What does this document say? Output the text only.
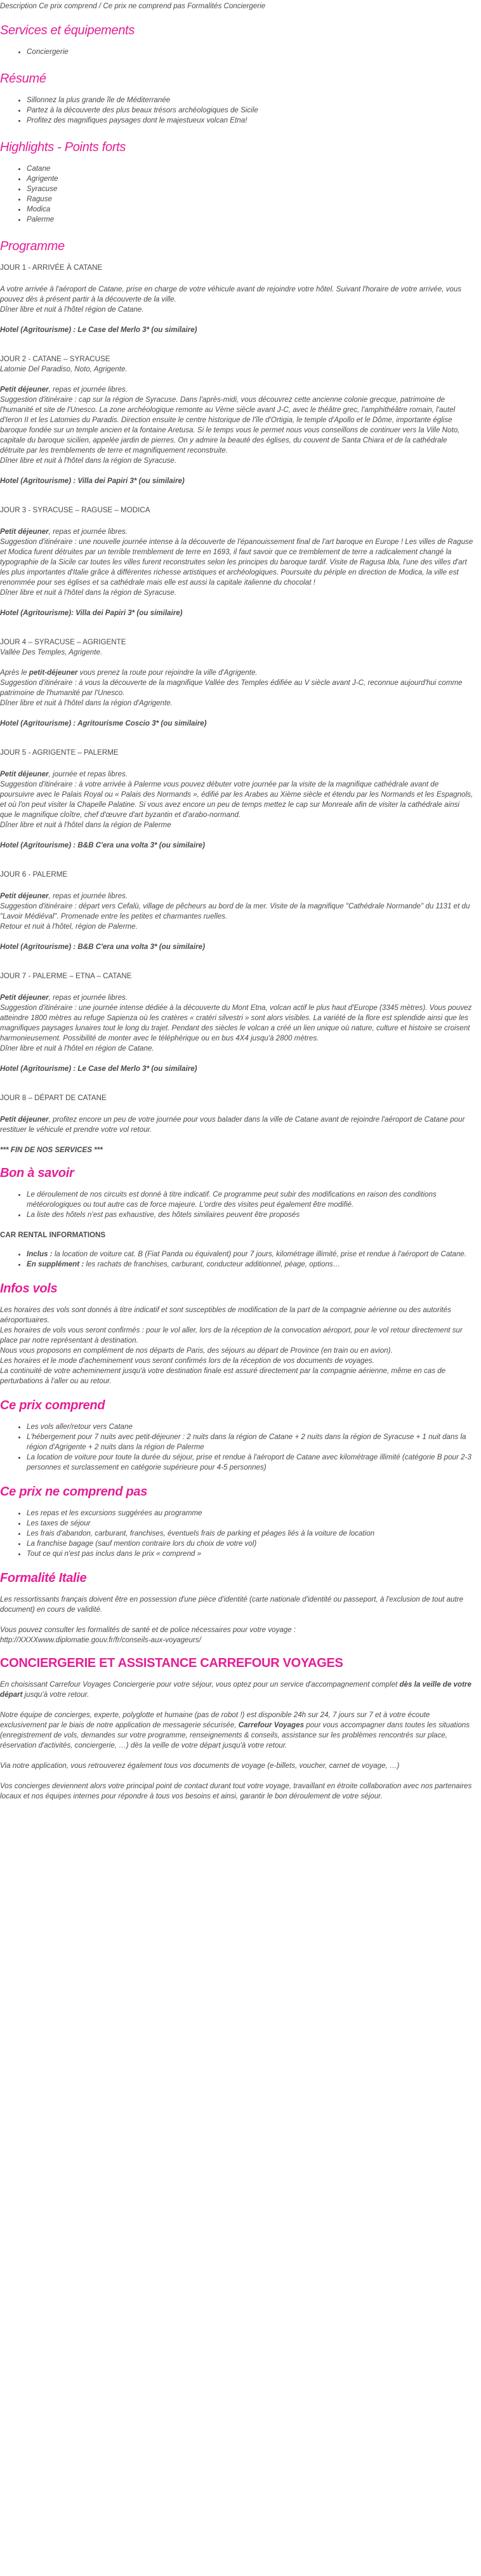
Description Ce prix comprend / Ce prix ne comprend pas Formalités Conciergerie
Services et équipements
• Conciergerie
Résumé
• Sillonnez la plus grande île de Méditerranée
• Partez à la découverte des plus beaux trésors archéologiques de Sicile
• Profitez des magnifiques paysages dont le majestueux volcan Etna!
Highlights - Points forts
• Catane
• Agrigente
• Syracuse
• Raguse
• Modica
• Palerme
Programme
JOUR 1 - ARRIVÉE À CATANE

A votre arrivée à l'aéroport de Catane, prise en charge de votre véhicule avant de rejoindre votre hôtel. Suivant l'horaire de votre arrivée, vous pouvez dès à présent partir à la découverte de la ville.

Dîner libre et nuit à l'hôtel région de Catane.

Hotel (Agritourisme) : Le Case del Merlo 3* (ou similaire)

JOUR 2 - CATANE – SYRACUSE

Latomie Del Paradiso, Noto, Agrigente.

Petit déjeuner, repas et journée libres.
Suggestion d'itinéraire : cap sur la région de Syracuse. Dans l'après-midi, vous découvrez cette ancienne colonie grecque, patrimoine de l'humanité et site de l'Unesco. La zone archéologique remonte au Vème siècle avant J-C, avec le théâtre grec, l'amphithéâtre romain, l'autel d'Ieron II et les Latomies du Paradis. Direction ensuite le centre historique de l'île d'Ortigia, le temple d'Apollo et le Dôme, importante église baroque fondée sur un temple ancien et la fontaine Aretusa. Si le temps vous le permet nous vous conseillons de continuer vers la Ville Noto, capitale du baroque sicilien, appelée jardin de pierres. On y admire la beauté des églises, du couvent de Santa Chiara et de la cathédrale détruite par les tremblements de terre et magnifiquement reconstruite.

Dîner libre et nuit à l'hôtel dans la région de Syracuse.

Hotel (Agritourisme) : Villa dei Papiri 3* (ou similaire)

JOUR 3 - SYRACUSE – RAGUSE – MODICA
Petit déjeuner, repas et journée libres.
Suggestion d'itinéraire : une nouvelle journée intense à la découverte de l'épanouissement final de l'art baroque en Europe ! Les villes de Raguse et Modica furent détruites par un terrible tremblement de terre en 1693, il faut savoir que ce tremblement de terre a radicalement changé la typographie de la Sicile car toutes les villes furent reconstruites selon les principes du baroque tardif. Visite de Ragusa Ibla, l'une des villes d'art les plus importantes d'Italie grâce à différentes richesse artistiques et archéologiques. Poursuite du périple en direction de Modica, la ville est renommée pour ses églises et sa cathédrale mais elle est aussi la capitale italienne du chocolat !

Dîner libre et nuit à l'hôtel dans la région de Syracuse.

Hotel (Agritourisme): Villa dei Papiri 3* (ou similaire)

JOUR 4 – SYRACUSE – AGRIGENTE

Vallée Des Temples, Agrigente.

Après le petit-déjeuner vous prenez la route pour rejoindre la ville d'Agrigente.
Suggestion d'itinéraire : à vous la découverte de la magnifique Vallée des Temples édifiée au V siècle avant J-C, reconnue aujourd'hui comme patrimoine de l'humanité par l'Unesco.

Dîner libre et nuit à l'hôtel dans la région d'Agrigente.

Hotel (Agritourisme) : Agritourisme Coscio 3* (ou similaire)

JOUR 5 - AGRIGENTE – PALERME
Petit déjeuner, journée et repas libres.
Suggestion d'itinéraire : à votre arrivée à Palerme vous pouvez débuter votre journée par la visite de la magnifique cathédrale avant de poursuivre avec le Palais Royal ou « Palais des Normands », édifié par les Arabes au Xième siècle et étendu par les Normands et les Espagnols, et où l'on peut visiter la Chapelle Palatine. Si vous avez encore un peu de temps mettez le cap sur Monreale afin de visiter la cathédrale ainsi que le magnifique cloître, chef d'œuvre d'art byzantin et d'arabo-normand.

Dîner libre et nuit à l'hôtel dans la région de Palerme

Hotel (Agritourisme) : B&B C'era una volta 3* (ou similaire)

JOUR 6 - PALERME
Petit déjeuner, repas et journée libres.
Suggestion d'itinéraire : départ vers Cefalù, village de pêcheurs au bord de la mer. Visite de la magnifique "Cathédrale Normande" du 1131 et du "Lavoir Médiéval". Promenade entre les petites et charmantes ruelles.

Retour et nuit à l'hôtel, région de Palerme.

Hotel (Agritourisme) : B&B C'era una volta 3* (ou similaire)

JOUR 7 - PALERME – ETNA – CATANE
Petit déjeuner, repas et journée libres.
Suggestion d'itinéraire : une journée intense dédiée à la découverte du Mont Etna, volcan actif le plus haut d'Europe (3345 mètres). Vous pouvez atteindre 1800 mètres au refuge Sapienza où les cratères « cratéri silvestri » sont alors visibles. La variété de la flore est splendide ainsi que les magnifiques paysages lunaires tout le long du trajet. Pendant des siècles le volcan a créé un lien unique où nature, culture et histoire se croisent harmonieusement. Possibilité de monter avec le téléphérique ou en bus 4X4 jusqu'à 2800 mètres.

Dîner libre et nuit à l'hôtel en région de Catane.

Hotel (Agritourisme) : Le Case del Merlo 3* (ou similaire)

JOUR 8 – DÉPART DE CATANE

Petit déjeuner, profitez encore un peu de votre journée pour vous balader dans la ville de Catane avant de rejoindre l'aéroport de Catane pour restituer le véhicule et prendre votre vol retour.

*** FIN DE NOS SERVICES ***

Bon à savoir
• Le déroulement de nos circuits est donné à titre indicatif. Ce programme peut subir des modifications en raison des conditions météorologiques ou tout autre cas de force majeure. L'ordre des visites peut également être modifié.
• La liste des hôtels n'est pas exhaustive, des hôtels similaires peuvent être proposés
CAR RENTAL INFORMATIONS
• Inclus : la location de voiture cat. B (Fiat Panda ou équivalent) pour 7 jours, kilométrage illimité, prise et rendue à l'aéroport de Catane.
• En supplément : les rachats de franchises, carburant, conducteur additionnel, péage, options…
Infos vols
Les horaires des vols sont donnés à titre indicatif et sont susceptibles de modification de la part de la compagnie aérienne ou des autorités aéroportuaires.
Les horaires de vols vous seront confirmés : pour le vol aller, lors de la réception de la convocation aéroport, pour le vol retour directement sur place par notre représentant à destination.
Nous vous proposons en complément de nos départs de Paris, des séjours au départ de Province (en train ou en avion).
Les horaires et le mode d'acheminement vous seront confirmés lors de la réception de vos documents de voyages.
La continuité de votre acheminement jusqu'à votre destination finale est assuré directement par la compagnie aérienne, même en cas de perturbations à l'aller ou au retour.
Ce prix comprend
• Les vols aller/retour vers Catane
• L'hébergement pour 7 nuits avec petit-déjeuner : 2 nuits dans la région de Catane + 2 nuits dans la région de Syracuse + 1 nuit dans la région d'Agrigente + 2 nuits dans la région de Palerme
• La location de voiture pour toute la durée du séjour, prise et rendue à l'aéroport de Catane avec kilométrage illimité (catégorie B pour 2-3 personnes et surclassement en catégorie supérieure pour 4-5 personnes)
Ce prix ne comprend pas
• Les repas et les excursions suggérées au programme
• Les taxes de séjour
• Les frais d'abandon, carburant, franchises, éventuels frais de parking et péages liés à la voiture de location
• La franchise bagage (sauf mention contraire lors du choix de votre vol)
• Tout ce qui n'est pas inclus dans le prix « comprend »
Formalité Italie

Les ressortissants français doivent être en possession d'une pièce d'identité (carte nationale d'identité ou passeport, à l'exclusion de tout autre document) en cours de validité.

Vous pouvez consulter les formalités de santé et de police nécessaires pour votre voyage :
http://XXXXwww.diplomatie.gouv.fr/fr/conseils-aux-voyageurs/

CONCIERGERIE ET ASSISTANCE CARREFOUR VOYAGES

En choisissant Carrefour Voyages Conciergerie pour votre séjour, vous optez pour un service d'accompagnement complet dès la veille de votre départ jusqu'à votre retour.

Notre équipe de concierges, experte, polyglotte et humaine (pas de robot !) est disponible 24h sur 24, 7 jours sur 7 et à votre écoute exclusivement par le biais de notre application de messagerie sécurisée, Carrefour Voyages pour vous accompagner dans toutes les situations (enregistrement de vols, demandes sur votre programme, renseignements & conseils, assistance sur les problèmes rencontrés sur place, réservation d'activités, conciergerie, …) dès la veille de votre départ jusqu'à votre retour.

Via notre application, vous retrouverez également tous vos documents de voyage (e-billets, voucher, carnet de voyage, …)

Vos concierges deviennent alors votre principal point de contact durant tout votre voyage, travaillant en étroite collaboration avec nos partenaires locaux et nos équipes internes pour répondre à tous vos besoins et ainsi, garantir le bon déroulement de votre séjour.
